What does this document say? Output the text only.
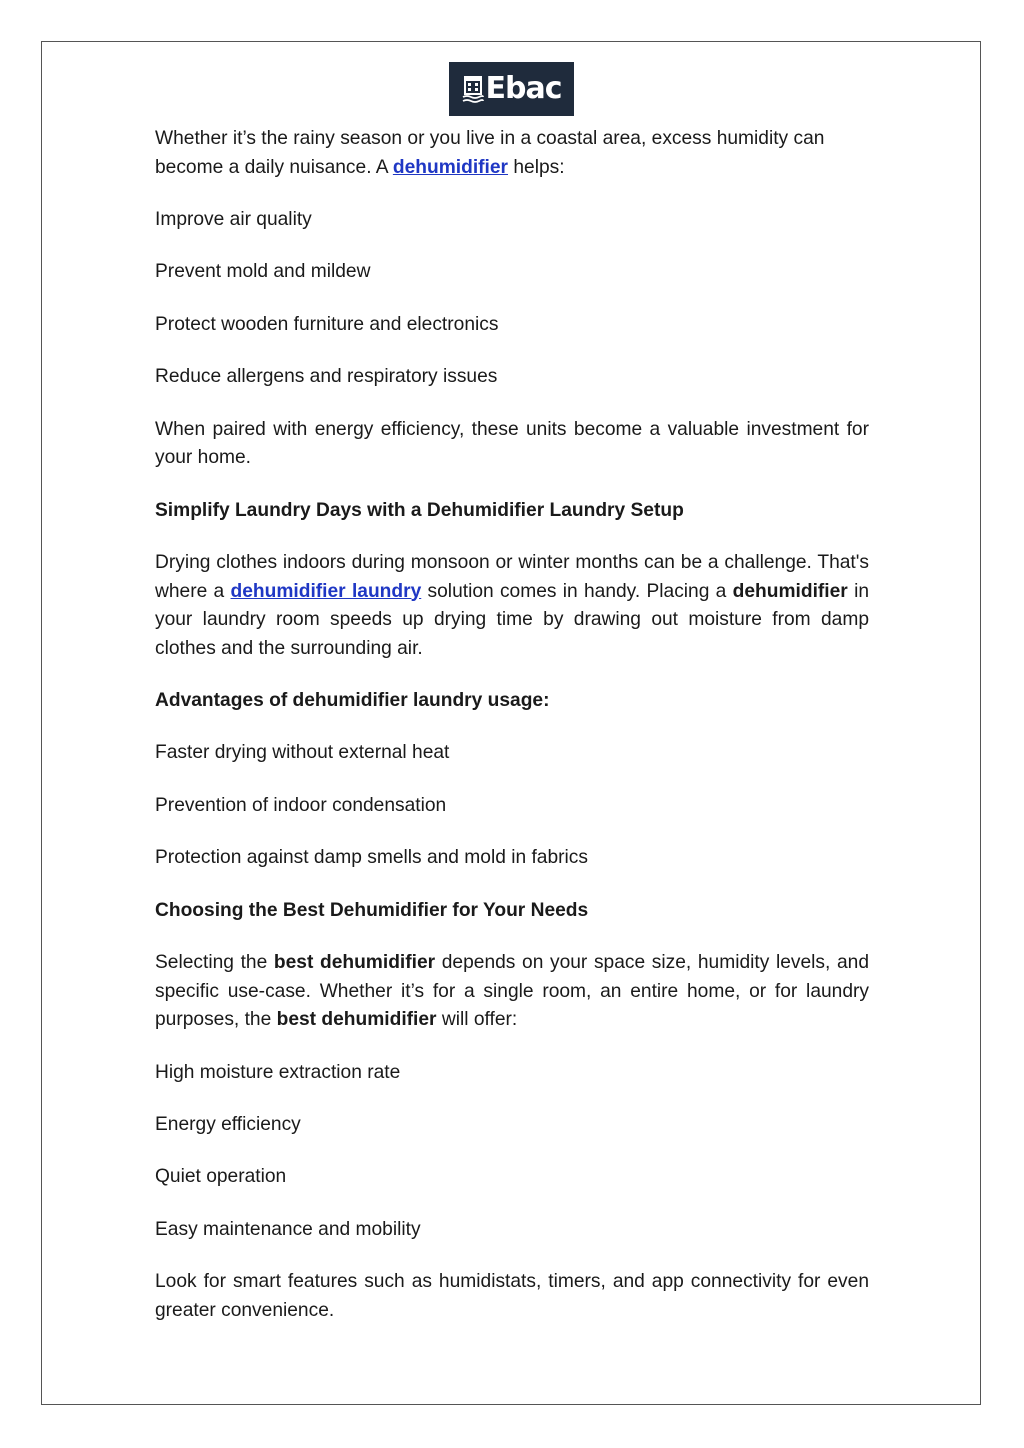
Ebac

Whether it’s the rainy season or you live in a coastal area, excess humidity can become a daily nuisance. A dehumidifier helps:

Improve air quality

Prevent mold and mildew

Protect wooden furniture and electronics

Reduce allergens and respiratory issues

When paired with energy efficiency, these units become a valuable investment for your home.

Simplify Laundry Days with a Dehumidifier Laundry Setup

Drying clothes indoors during monsoon or winter months can be a challenge. That's where a dehumidifier laundry solution comes in handy. Placing a dehumidifier in your laundry room speeds up drying time by drawing out moisture from damp clothes and the surrounding air.

Advantages of dehumidifier laundry usage:

Faster drying without external heat

Prevention of indoor condensation

Protection against damp smells and mold in fabrics

Choosing the Best Dehumidifier for Your Needs

Selecting the best dehumidifier depends on your space size, humidity levels, and specific use-case. Whether it’s for a single room, an entire home, or for laundry purposes, the best dehumidifier will offer:

High moisture extraction rate

Energy efficiency

Quiet operation

Easy maintenance and mobility

Look for smart features such as humidistats, timers, and app connectivity for even greater convenience.
